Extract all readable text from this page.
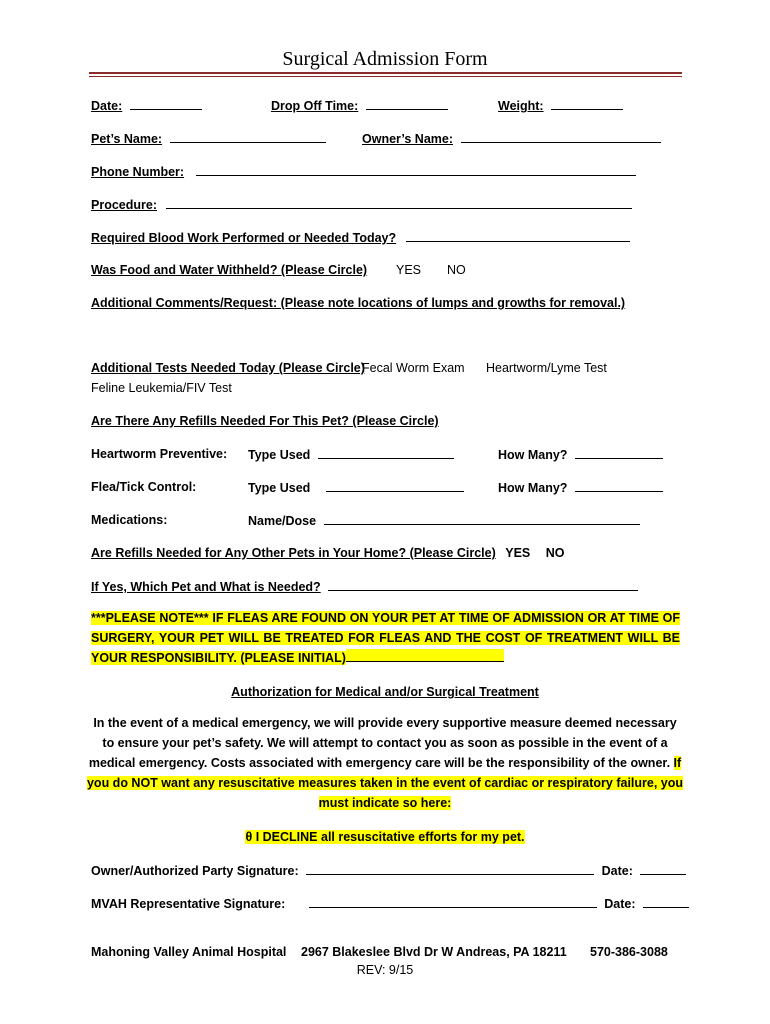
Surgical Admission Form
Date:	Drop Off Time:	Weight:
Pet’s Name:	Owner’s Name:
Phone Number:
Procedure:
Required Blood Work Performed or Needed Today?
Was Food and Water Withheld? (Please Circle) YES NO
Additional Comments/Request: (Please note locations of lumps and growths for removal.)
Additional Tests Needed Today (Please Circle)
Fecal Worm Exam Heartworm/Lyme Test
Feline Leukemia/FIV Test
Are There Any Refills Needed For This Pet? (Please Circle)
Heartworm Preventive: Type Used	How Many?
Flea/Tick Control:	Type Used	How Many?
Medications:	Name/Dose
Are Refills Needed for Any Other Pets in Your Home? (Please Circle) YES NO
If Yes, Which Pet and What is Needed?
***PLEASE NOTE*** IF FLEAS ARE FOUND ON YOUR PET AT TIME OF ADMISSION OR AT TIME OF SURGERY, YOUR PET WILL BE TREATED FOR FLEAS AND THE COST OF TREATMENT WILL BE YOUR RESPONSIBILITY. (PLEASE INITIAL)
Authorization for Medical and/or Surgical Treatment
In the event of a medical emergency, we will provide every supportive measure deemed necessary to ensure your pet’s safety. We will attempt to contact you as soon as possible in the event of a medical emergency. Costs associated with emergency care will be the responsibility of the owner. If you do NOT want any resuscitative measures taken in the event of cardiac or respiratory failure, you must indicate so here:
θ I DECLINE all resuscitative efforts for my pet.
Owner/Authorized Party Signature:	Date:
MVAH Representative Signature:	Date:
Mahoning Valley Animal Hospital 2967 Blakeslee Blvd Dr W Andreas, PA 18211 570-386-3088
REV: 9/15
